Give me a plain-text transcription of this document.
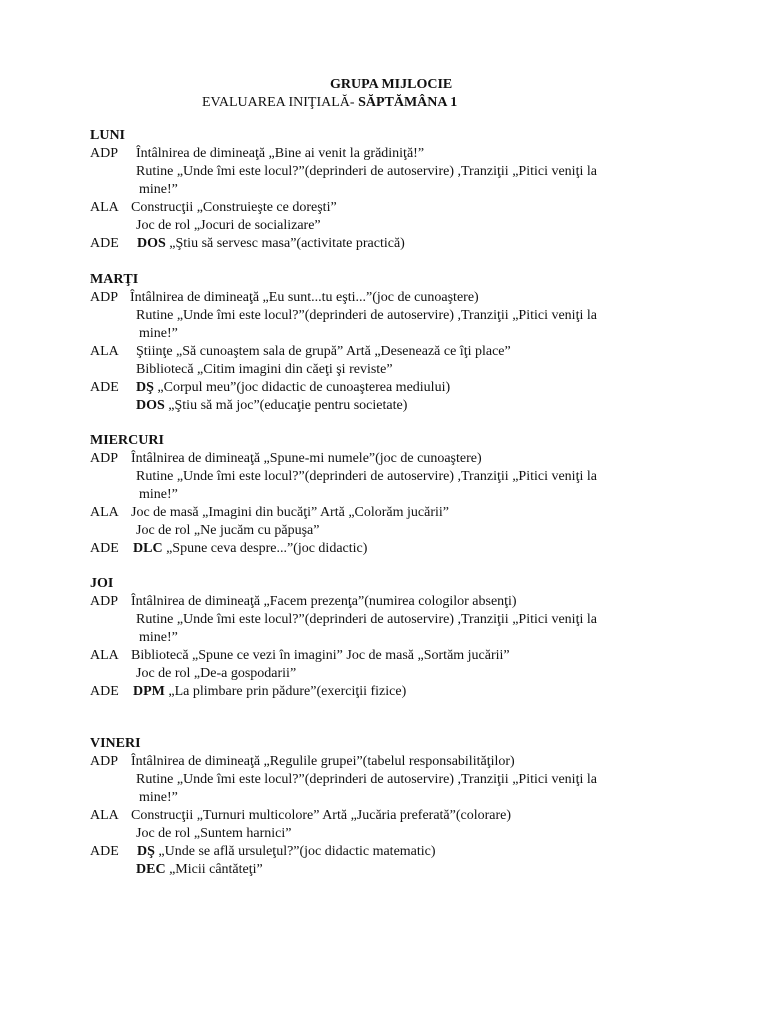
GRUPA MIJLOCIE
EVALUAREA INIŢIALĂ- SĂPTĂMÂNA 1
LUNI
ADP Întâlnirea de dimineaţă „Bine ai venit la grădiniţă!”
Rutine „Unde îmi este locul?”(deprinderi de autoservire) ,Tranziţii „Pitici veniţi la
mine!”
ALA Construcţii „Construieşte ce doreşti”
Joc de rol „Jocuri de socializare”
ADE DOS „Ştiu să servesc masa”(activitate practică)
MARŢI
ADP Întâlnirea de dimineaţă „Eu sunt...tu eşti...”(joc de cunoaştere)
Rutine „Unde îmi este locul?”(deprinderi de autoservire) ,Tranziţii „Pitici veniţi la
mine!”
ALA Ştiinţe „Să cunoaştem sala de grupă” Artă „Desenează ce îţi place”
Bibliotecă „Citim imagini din căeţi şi reviste”
ADE DŞ „Corpul meu”(joc didactic de cunoaşterea mediului)
DOS „Ştiu să mă joc”(educaţie pentru societate)
MIERCURI
ADP Întâlnirea de dimineaţă „Spune-mi numele”(joc de cunoaştere)
Rutine „Unde îmi este locul?”(deprinderi de autoservire) ,Tranziţii „Pitici veniţi la
mine!”
ALA Joc de masă „Imagini din bucăţi” Artă „Colorăm jucării”
Joc de rol „Ne jucăm cu păpuşa”
ADE DLC „Spune ceva despre...”(joc didactic)
JOI
ADP Întâlnirea de dimineaţă „Facem prezenţa”(numirea cologilor absenţi)
Rutine „Unde îmi este locul?”(deprinderi de autoservire) ,Tranziţii „Pitici veniţi la
mine!”
ALA Bibliotecă „Spune ce vezi în imagini” Joc de masă „Sortăm jucării”
Joc de rol „De-a gospodarii”
ADE DPM „La plimbare prin pădure”(exerciţii fizice)
VINERI
ADP Întâlnirea de dimineaţă „Regulile grupei”(tabelul responsabilităţilor)
Rutine „Unde îmi este locul?”(deprinderi de autoservire) ,Tranziţii „Pitici veniţi la
mine!”
ALA Construcţii „Turnuri multicolore” Artă „Jucăria preferată”(colorare)
Joc de rol „Suntem harnici”
ADE DŞ „Unde se află ursuleţul?”(joc didactic matematic)
DEC „Micii cântăteţi”
